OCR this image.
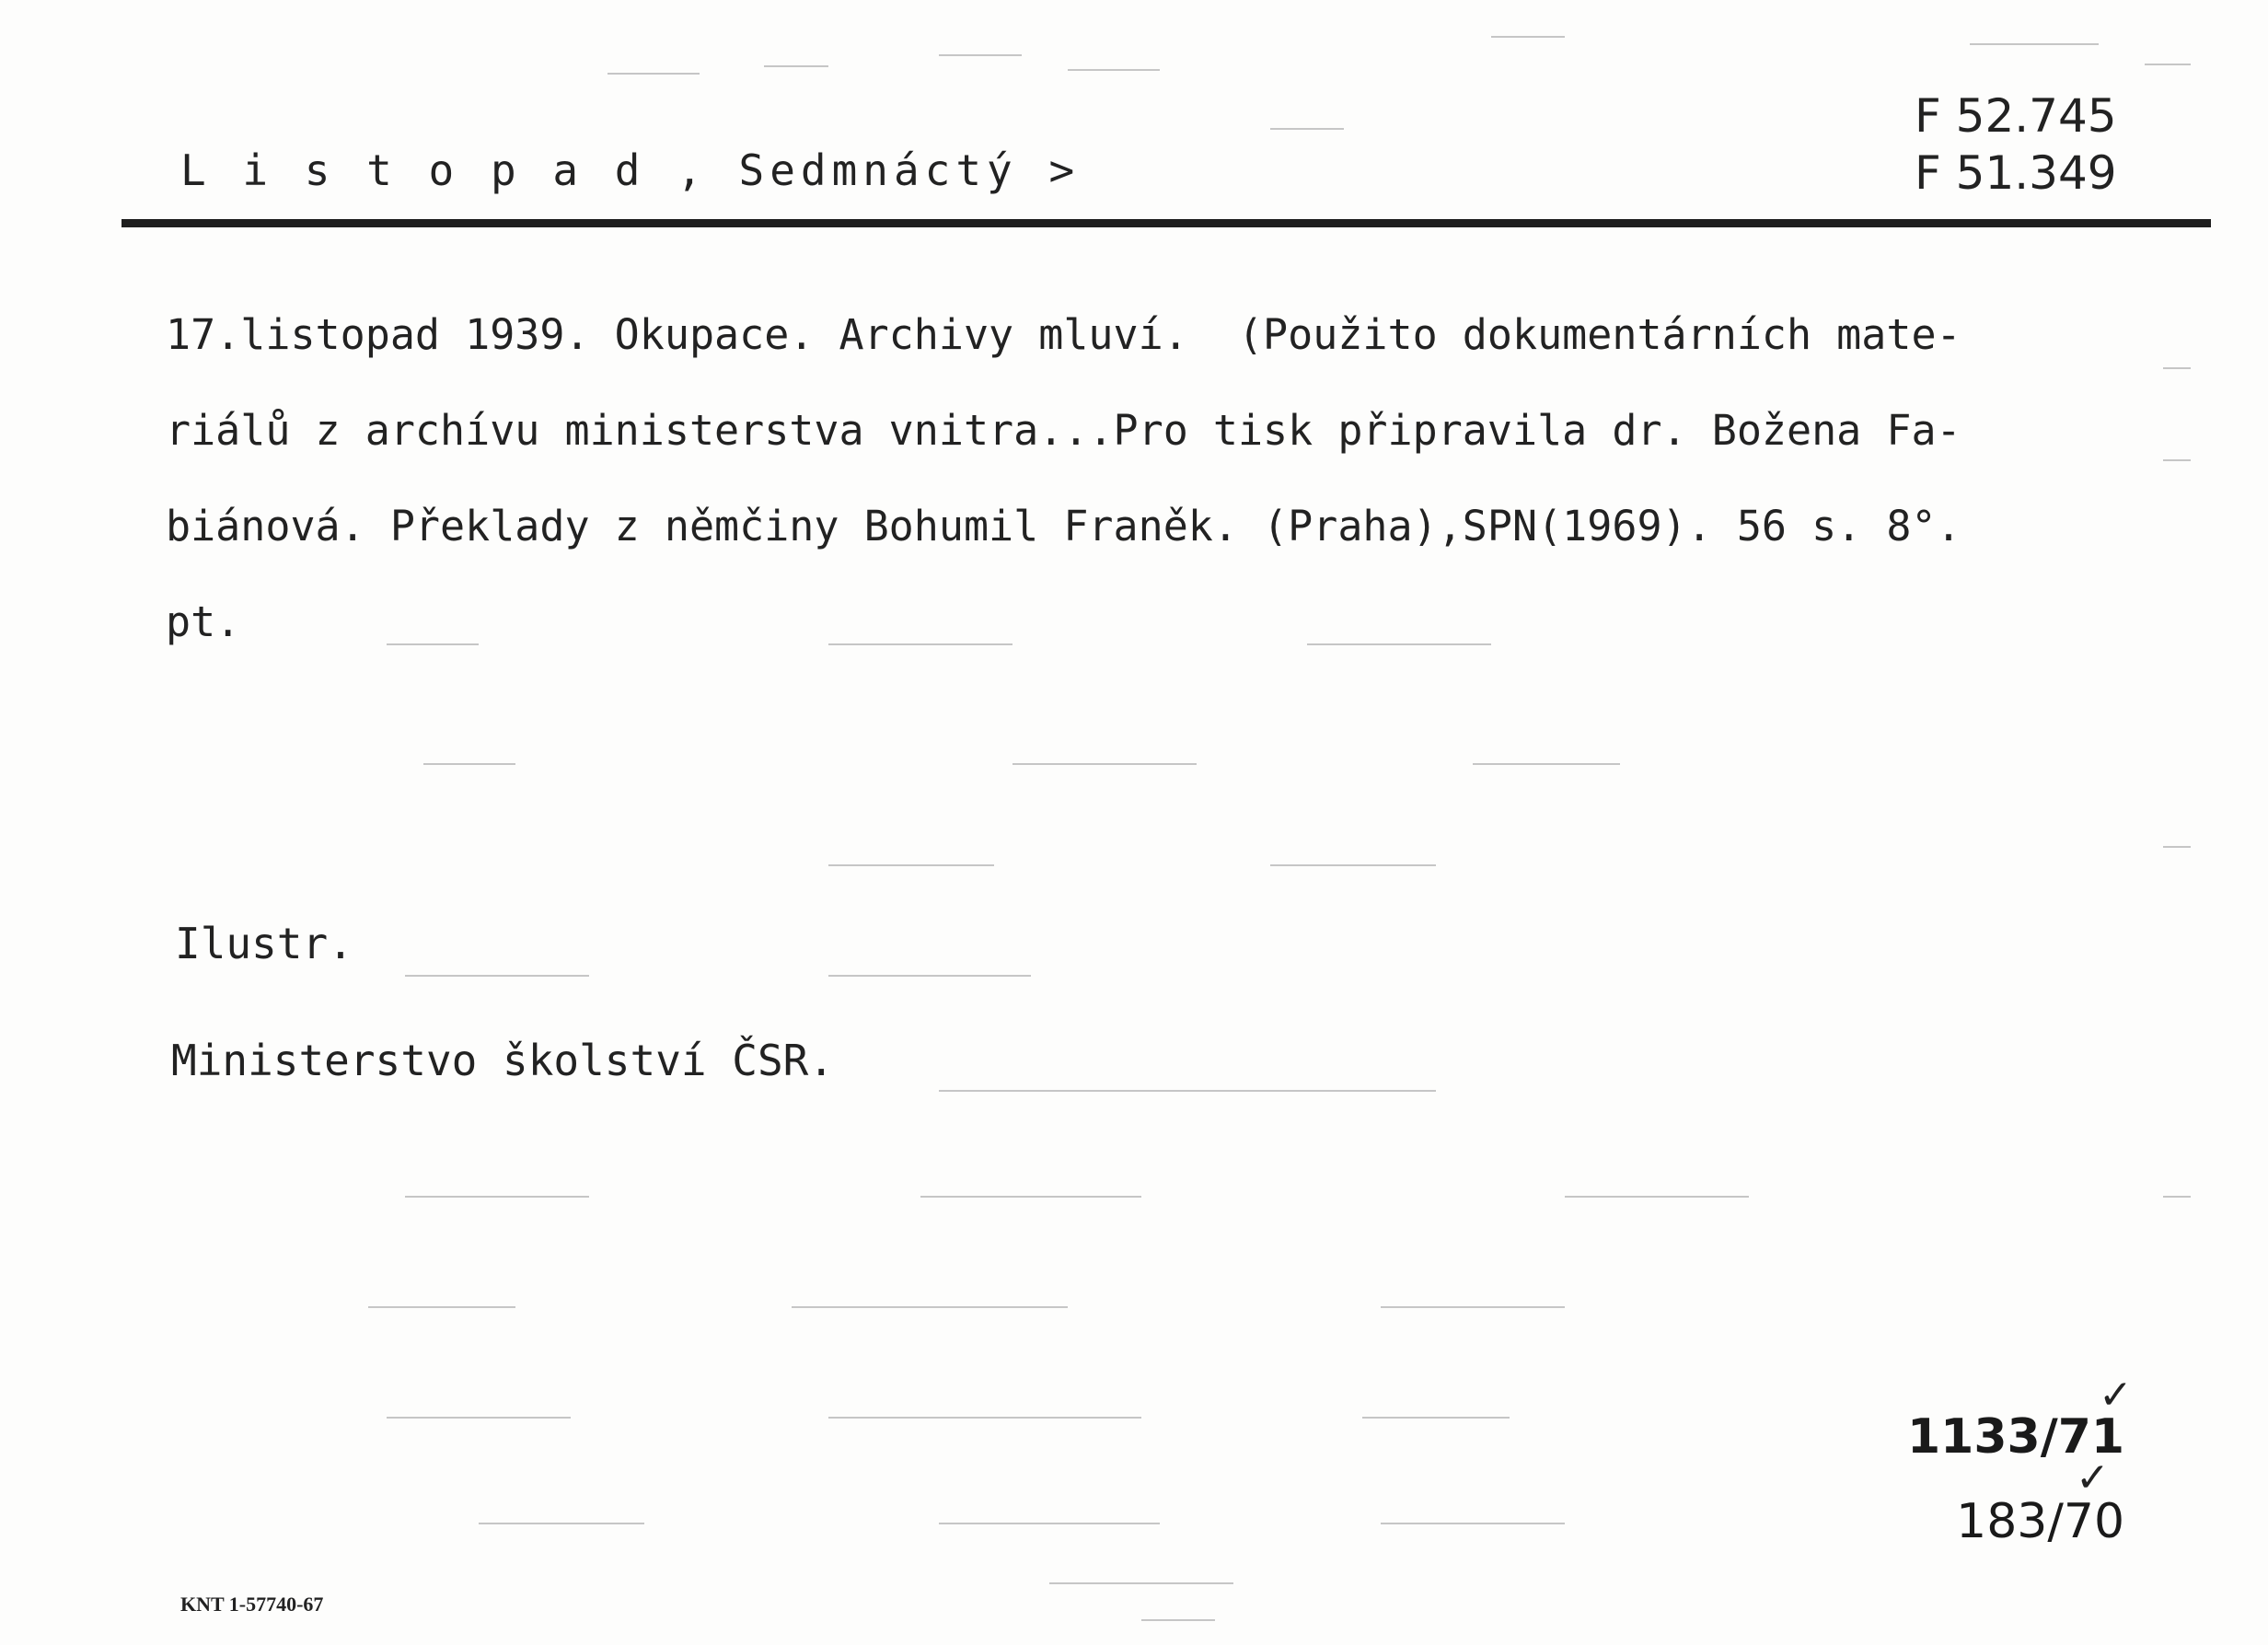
L i s t o p a d , Sedmnáctý >
F 52.745
F 51.349
17.listopad 1939. Okupace. Archivy mluví.  (Použito dokumentárních mate-
riálů z archívu ministerstva vnitra...Pro tisk připravila dr. Božena Fa-
biánová. Překlady z němčiny Bohumil Franěk. (Praha),SPN(1969). 56 s. 8°.
pt.
Ilustr.
Ministerstvo školství ČSR.
1133/71
183/70
✓
✓
KNT 1-57740-67
